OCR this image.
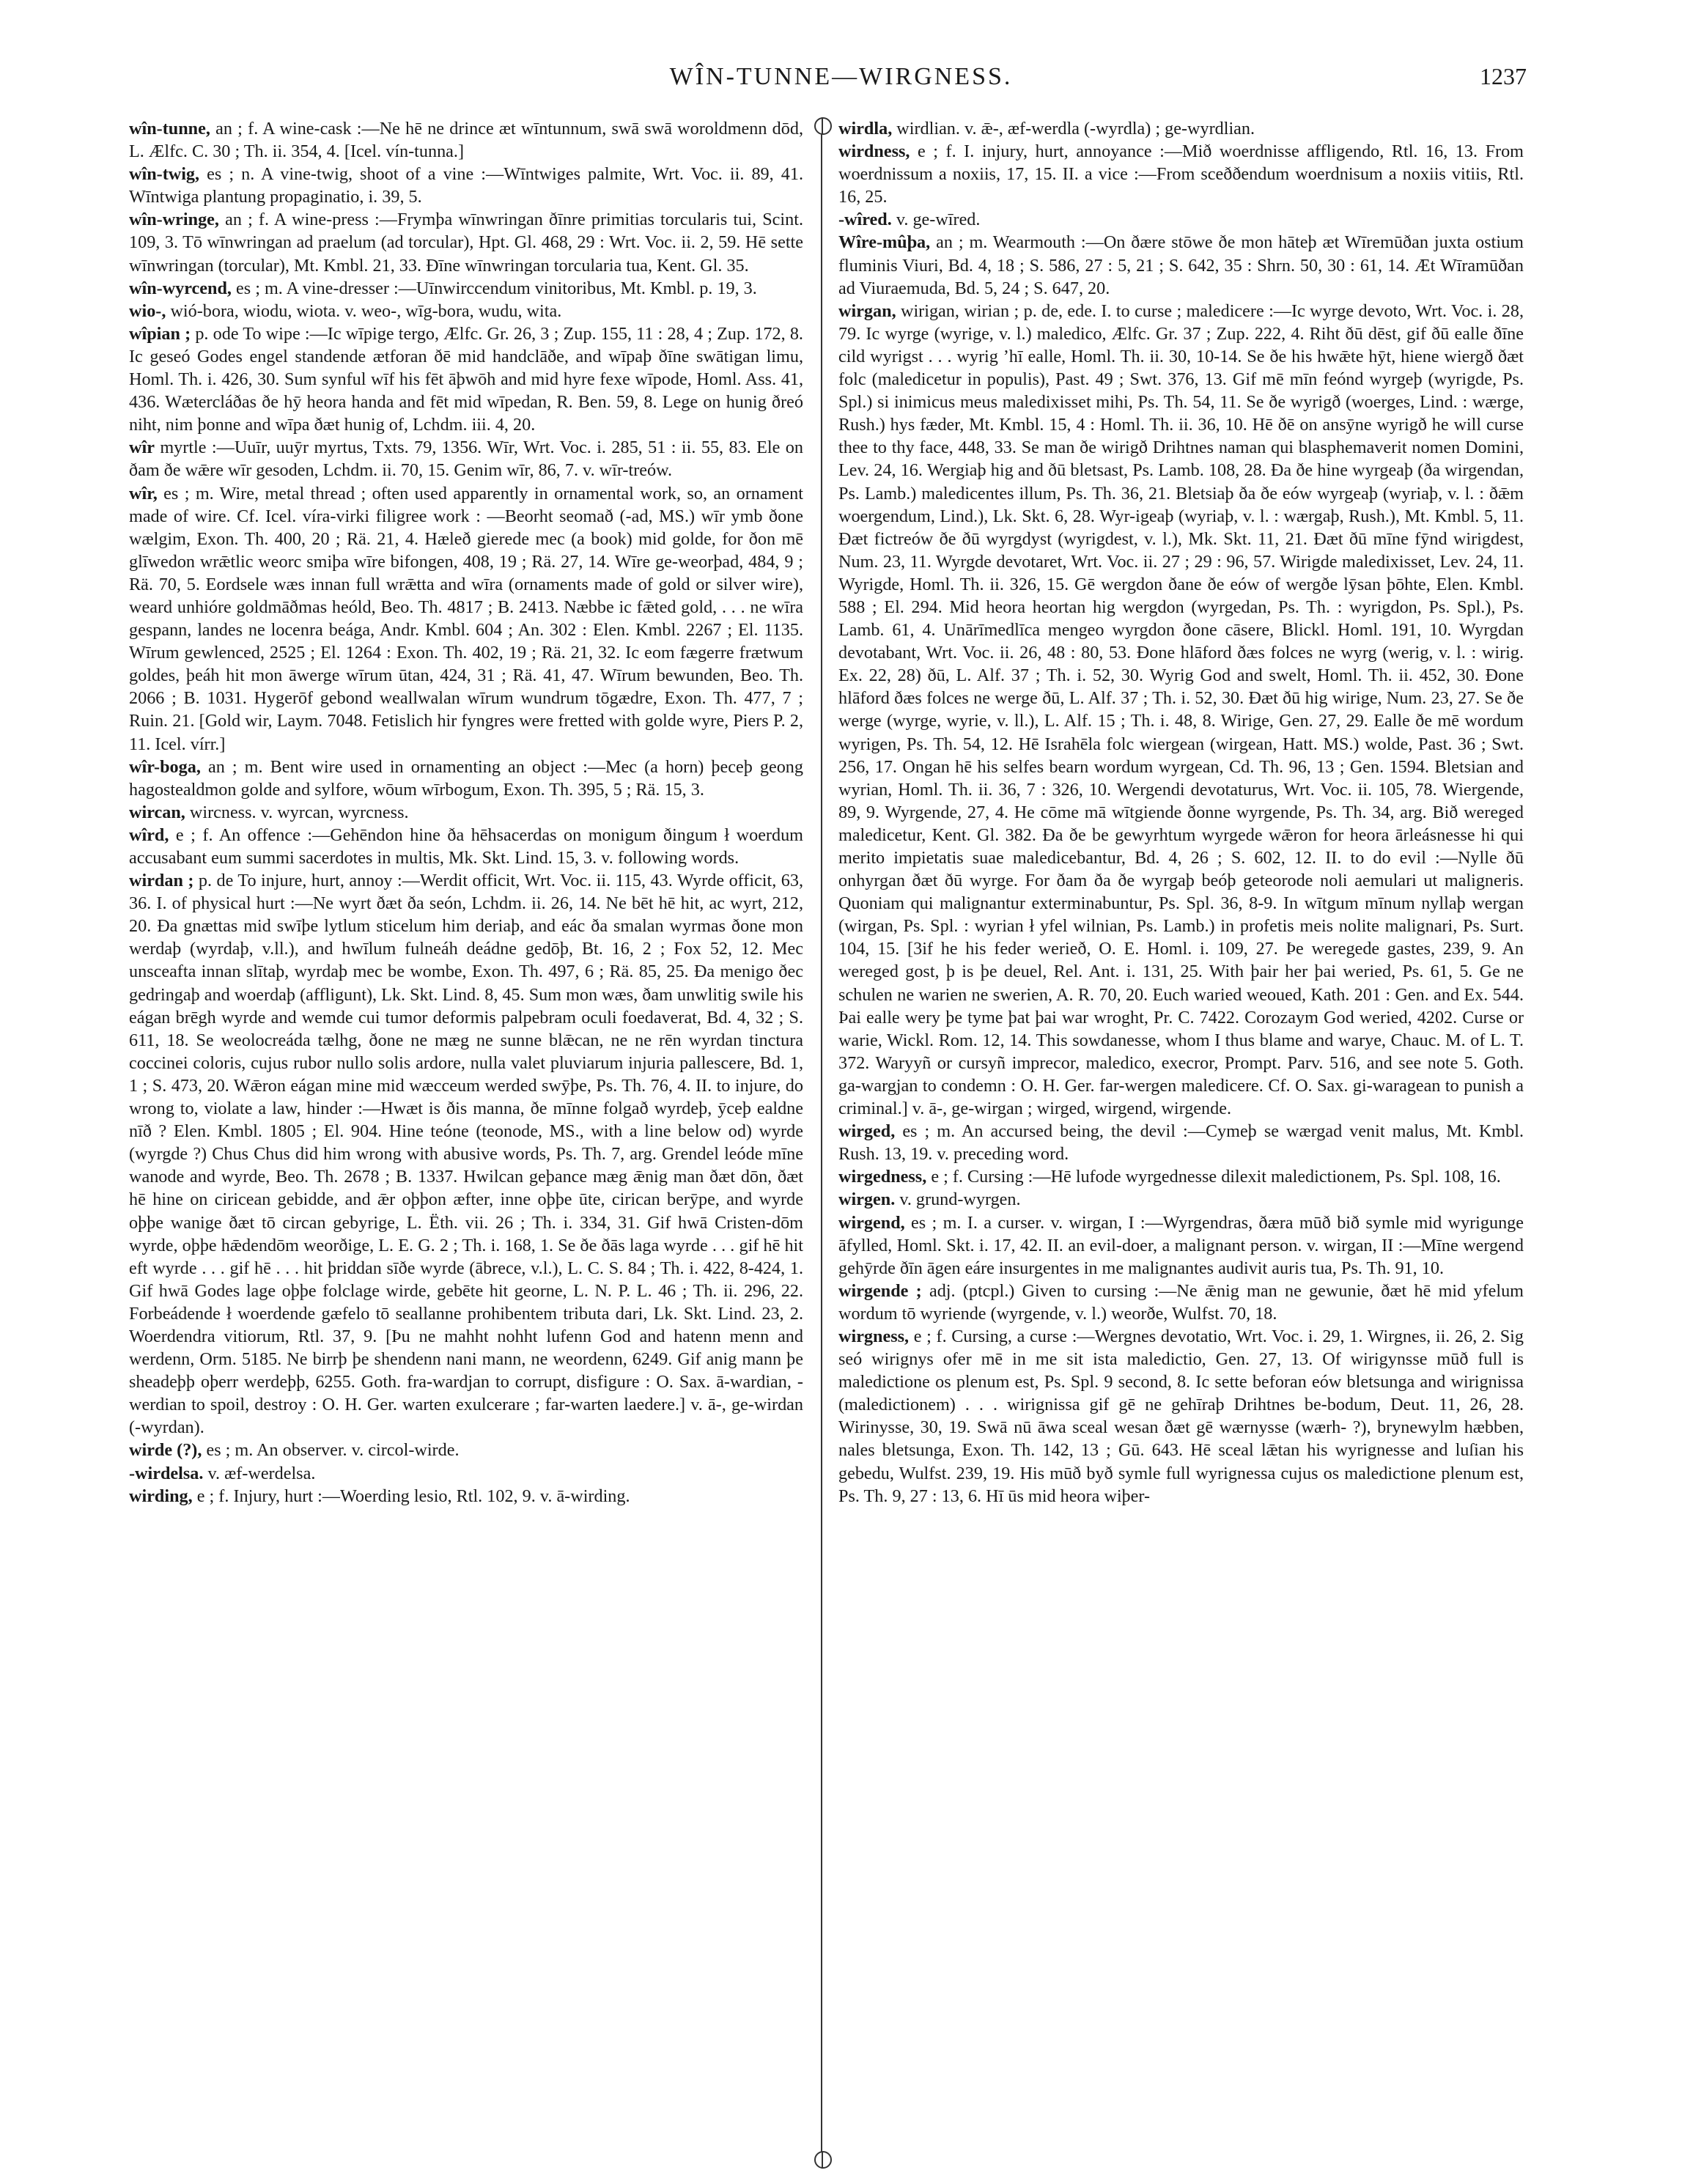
WÎN-TUNNE—WIRGNESS.	1237

wîn-tunne, an ; f. A wine-cask :—Ne hē ne drince æt wīntunnum, swā swā woroldmenn dōd, L. Ælfc. C. 30 ; Th. ii. 354, 4. [Icel. vín-tunna.]

wîn-twig, es ; n. A vine-twig, shoot of a vine :—Wīntwiges palmite, Wrt. Voc. ii. 89, 41. Wīntwiga plantung propaginatio, i. 39, 5.

wîn-wringe, an ; f. A wine-press :—Frymþa wīnwringan ðīnre primitias torcularis tui, Scint. 109, 3. Tō wīnwringan ad praelum (ad torcular), Hpt. Gl. 468, 29 : Wrt. Voc. ii. 2, 59. Hē sette wīnwringan (torcular), Mt. Kmbl. 21, 33. Ðīne wīnwringan torcularia tua, Kent. Gl. 35.

wîn-wyrcend, es ; m. A vine-dresser :—Uīnwirccendum vinitoribus, Mt. Kmbl. p. 19, 3.

wio-, wió-bora, wiodu, wiota. v. weo-, wīg-bora, wudu, wita.

wîpian ; p. ode To wipe :—Ic wīpige tergo, Ælfc. Gr. 26, 3 ; Zup. 155, 11 : 28, 4 ; Zup. 172, 8. Ic geseó Godes engel standende ætforan ðē mid handclāðe, and wīpaþ ðīne swātigan limu, Homl. Th. i. 426, 30. Sum synful wīf his fēt āþwōh and mid hyre fexe wīpode, Homl. Ass. 41, 436. Wætercláðas ðe hȳ heora handa and fēt mid wīpedan, R. Ben. 59, 8. Lege on hunig ðreó niht, nim þonne and wīpa ðæt hunig of, Lchdm. iii. 4, 20.

wîr myrtle :—Uuīr, uuȳr myrtus, Txts. 79, 1356. Wīr, Wrt. Voc. i. 285, 51 : ii. 55, 83. Ele on ðam ðe wǣre wīr gesoden, Lchdm. ii. 70, 15. Genim wīr, 86, 7. v. wīr-treów.

wîr, es ; m. Wire, metal thread ; often used apparently in ornamental work, so, an ornament made of wire. Cf. Icel. víra-virki filigree work : —Beorht seomað (-ad, MS.) wīr ymb ðone wælgim, Exon. Th. 400, 20 ; Rä. 21, 4. Hæleð gierede mec (a book) mid golde, for ðon mē glīwedon wrǣtlic weorc smiþa wīre bifongen, 408, 19 ; Rä. 27, 14. Wīre ge-weorþad, 484, 9 ; Rä. 70, 5. Eordsele wæs innan full wrǣtta and wīra (ornaments made of gold or silver wire), weard unhióre goldmāðmas heóld, Beo. Th. 4817 ; B. 2413. Næbbe ic fǣted gold, . . . ne wīra gespann, landes ne locenra beága, Andr. Kmbl. 604 ; An. 302 : Elen. Kmbl. 2267 ; El. 1135. Wīrum gewlenced, 2525 ; El. 1264 : Exon. Th. 402, 19 ; Rä. 21, 32. Ic eom fægerre frætwum goldes, þeáh hit mon āwerge wīrum ūtan, 424, 31 ; Rä. 41, 47. Wīrum bewunden, Beo. Th. 2066 ; B. 1031. Hygerōf gebond weallwalan wīrum wundrum tōgædre, Exon. Th. 477, 7 ; Ruin. 21. [Gold wir, Laym. 7048. Fetislich hir fyngres were fretted with golde wyre, Piers P. 2, 11. Icel. vírr.]

wîr-boga, an ; m. Bent wire used in ornamenting an object :—Mec (a horn) þeceþ geong hagostealdmon golde and sylfore, wōum wīrbogum, Exon. Th. 395, 5 ; Rä. 15, 3.

wircan, wircness. v. wyrcan, wyrcness.

wîrd, e ; f. An offence :—Gehēndon hine ða hēhsacerdas on monigum ðingum ł woerdum accusabant eum summi sacerdotes in multis, Mk. Skt. Lind. 15, 3. v. following words.

wirdan ; p. de To injure, hurt, annoy :—Werdit officit, Wrt. Voc. ii. 115, 43. Wyrde officit, 63, 36. I. of physical hurt :—Ne wyrt ðæt ða seón, Lchdm. ii. 26, 14. Ne bēt hē hit, ac wyrt, 212, 20. Ða gnættas mid swīþe lytlum sticelum him deriaþ, and eác ða smalan wyrmas ðone mon werdaþ (wyrdaþ, v.ll.), and hwīlum fulneáh deádne gedōþ, Bt. 16, 2 ; Fox 52, 12. Mec unsceafta innan slītaþ, wyrdaþ mec be wombe, Exon. Th. 497, 6 ; Rä. 85, 25. Ða menigo ðec gedringaþ and woerdaþ (affligunt), Lk. Skt. Lind. 8, 45. Sum mon wæs, ðam unwlitig swile his eágan brēgh wyrde and wemde cui tumor deformis palpebram oculi foedaverat, Bd. 4, 32 ; S. 611, 18. Se weolocreáda tælhg, ðone ne mæg ne sunne blǣcan, ne ne rēn wyrdan tinctura coccinei coloris, cujus rubor nullo solis ardore, nulla valet pluviarum injuria pallescere, Bd. 1, 1 ; S. 473, 20. Wǣron eágan mine mid wæcceum werded swȳþe, Ps. Th. 76, 4. II. to injure, do wrong to, violate a law, hinder :—Hwæt is ðis manna, ðe mīnne folgað wyrdeþ, ȳceþ ealdne nīð ? Elen. Kmbl. 1805 ; El. 904. Hine teóne (teonode, MS., with a line below od) wyrde (wyrgde ?) Chus Chus did him wrong with abusive words, Ps. Th. 7, arg. Grendel leóde mīne wanode and wyrde, Beo. Th. 2678 ; B. 1337. Hwilcan geþance mæg ǣnig man ðæt dōn, ðæt hē hine on ciricean gebidde, and ǣr oþþon æfter, inne oþþe ūte, cirican berȳpe, and wyrde oþþe wanige ðæt tō circan gebyrige, L. Ëth. vii. 26 ; Th. i. 334, 31. Gif hwā Cristen-dōm wyrde, oþþe hǣdendōm weorðige, L. E. G. 2 ; Th. i. 168, 1. Se ðe ðās laga wyrde . . . gif hē hit eft wyrde . . . gif hē . . . hit þriddan sīðe wyrde (ābrece, v.l.), L. C. S. 84 ; Th. i. 422, 8-424, 1. Gif hwā Godes lage oþþe folclage wirde, gebēte hit georne, L. N. P. L. 46 ; Th. ii. 296, 22. Forbeádende ł woerdende gæfelo tō seallanne prohibentem tributa dari, Lk. Skt. Lind. 23, 2. Woerdendra vitiorum, Rtl. 37, 9. [Þu ne mahht nohht lufenn God and hatenn menn and werdenn, Orm. 5185. Ne birrþ þe shendenn nani mann, ne weordenn, 6249. Gif anig mann þe sheadeþþ oþerr werdeþþ, 6255. Goth. fra-wardjan to corrupt, disfigure : O. Sax. ā-wardian, -werdian to spoil, destroy : O. H. Ger. warten exulcerare ; far-warten laedere.] v. ā-, ge-wirdan (-wyrdan).

wirde (?), es ; m. An observer. v. circol-wirde.

-wirdelsa. v. æf-werdelsa.

wirding, e ; f. Injury, hurt :—Woerding lesio, Rtl. 102, 9. v. ā-wirding.

wirdla, wirdlian. v. ǣ-, æf-werdla (-wyrdla) ; ge-wyrdlian.

wirdness, e ; f. I. injury, hurt, annoyance :—Mið woerdnisse affligendo, Rtl. 16, 13. From woerdnissum a noxiis, 17, 15. II. a vice :—From sceððendum woerdnisum a noxiis vitiis, Rtl. 16, 25.

-wîred. v. ge-wīred.

Wîre-mûþa, an ; m. Wearmouth :—On ðære stōwe ðe mon hāteþ æt Wīremūðan juxta ostium fluminis Viuri, Bd. 4, 18 ; S. 586, 27 : 5, 21 ; S. 642, 35 : Shrn. 50, 30 : 61, 14. Æt Wīramūðan ad Viuraemuda, Bd. 5, 24 ; S. 647, 20.

wirgan, wirigan, wirian ; p. de, ede. I. to curse ; maledicere :—Ic wyrge devoto, Wrt. Voc. i. 28, 79. Ic wyrge (wyrige, v. l.) maledico, Ælfc. Gr. 37 ; Zup. 222, 4. Riht ðū dēst, gif ðū ealle ðīne cild wyrigst . . . wyrig ʼhī ealle, Homl. Th. ii. 30, 10-14. Se ðe his hwǣte hȳt, hiene wiergð ðæt folc (maledicetur in populis), Past. 49 ; Swt. 376, 13. Gif mē mīn feónd wyrgeþ (wyrigde, Ps. Spl.) si inimicus meus maledixisset mihi, Ps. Th. 54, 11. Se ðe wyrigð (woerges, Lind. : wærge, Rush.) hys fæder, Mt. Kmbl. 15, 4 : Homl. Th. ii. 36, 10. Hē ðē on ansȳne wyrigð he will curse thee to thy face, 448, 33. Se man ðe wirigð Drihtnes naman qui blasphemaverit nomen Domini, Lev. 24, 16. Wergiaþ hig and ðū bletsast, Ps. Lamb. 108, 28. Ða ðe hine wyrgeaþ (ða wirgendan, Ps. Lamb.) maledicentes illum, Ps. Th. 36, 21. Bletsiaþ ða ðe eów wyrgeaþ (wyriaþ, v. l. : ðǣm woergendum, Lind.), Lk. Skt. 6, 28. Wyr-igeaþ (wyriaþ, v. l. : wærgaþ, Rush.), Mt. Kmbl. 5, 11. Ðæt fictreów ðe ðū wyrgdyst (wyrigdest, v. l.), Mk. Skt. 11, 21. Ðæt ðū mīne fȳnd wirigdest, Num. 23, 11. Wyrgde devotaret, Wrt. Voc. ii. 27 ; 29 : 96, 57. Wirigde maledixisset, Lev. 24, 11. Wyrigde, Homl. Th. ii. 326, 15. Gē wergdon ðane ðe eów of wergðe lȳsan þōhte, Elen. Kmbl. 588 ; El. 294. Mid heora heortan hig wergdon (wyrgedan, Ps. Th. : wyrigdon, Ps. Spl.), Ps. Lamb. 61, 4. Unārīmedlīca mengeo wyrgdon ðone cāsere, Blickl. Homl. 191, 10. Wyrgdan devotabant, Wrt. Voc. ii. 26, 48 : 80, 53. Ðone hlāford ðæs folces ne wyrg (werig, v. l. : wirig. Ex. 22, 28) ðū, L. Alf. 37 ; Th. i. 52, 30. Wyrig God and swelt, Homl. Th. ii. 452, 30. Ðone hlāford ðæs folces ne werge ðū, L. Alf. 37 ; Th. i. 52, 30. Ðæt ðū hig wirige, Num. 23, 27. Se ðe werge (wyrge, wyrie, v. ll.), L. Alf. 15 ; Th. i. 48, 8. Wirige, Gen. 27, 29. Ealle ðe mē wordum wyrigen, Ps. Th. 54, 12. Hē Israhēla folc wiergean (wirgean, Hatt. MS.) wolde, Past. 36 ; Swt. 256, 17. Ongan hē his selfes bearn wordum wyrgean, Cd. Th. 96, 13 ; Gen. 1594. Bletsian and wyrian, Homl. Th. ii. 36, 7 : 326, 10. Wergendi devotaturus, Wrt. Voc. ii. 105, 78. Wiergende, 89, 9. Wyrgende, 27, 4. He cōme mā wītgiende ðonne wyrgende, Ps. Th. 34, arg. Bið wereged maledicetur, Kent. Gl. 382. Ða ðe be gewyrhtum wyrgede wǣron for heora ārleásnesse hi qui merito impietatis suae maledicebantur, Bd. 4, 26 ; S. 602, 12. II. to do evil :—Nylle ðū onhyrgan ðæt ðū wyrge. For ðam ða ðe wyrgaþ beóþ geteorode noli aemulari ut maligneris. Quoniam qui malignantur exterminabuntur, Ps. Spl. 36, 8-9. In wītgum mīnum nyllaþ wergan (wirgan, Ps. Spl. : wyrian ł yfel wilnian, Ps. Lamb.) in profetis meis nolite malignari, Ps. Surt. 104, 15. [3if he his feder werieð, O. E. Homl. i. 109, 27. Þe weregede gastes, 239, 9. An wereged gost, þ is þe deuel, Rel. Ant. i. 131, 25. With þair her þai weried, Ps. 61, 5. Ge ne schulen ne warien ne swerien, A. R. 70, 20. Euch waried weoued, Kath. 201 : Gen. and Ex. 544. Þai ealle wery þe tyme þat þai war wroght, Pr. C. 7422. Corozaym God weried, 4202. Curse or warie, Wickl. Rom. 12, 14. This sowdanesse, whom I thus blame and warye, Chauc. M. of L. T. 372. Waryyñ or cursyñ imprecor, maledico, execror, Prompt. Parv. 516, and see note 5. Goth. ga-wargjan to condemn : O. H. Ger. far-wergen maledicere. Cf. O. Sax. gi-waragean to punish a criminal.] v. ā-, ge-wirgan ; wirged, wirgend, wirgende.

wirged, es ; m. An accursed being, the devil :—Cymeþ se wærgad venit malus, Mt. Kmbl. Rush. 13, 19. v. preceding word.

wirgedness, e ; f. Cursing :—Hē lufode wyrgednesse dilexit maledictionem, Ps. Spl. 108, 16.

wirgen. v. grund-wyrgen.

wirgend, es ; m. I. a curser. v. wirgan, I :—Wyrgendras, ðæra mūð bið symle mid wyrigunge āfylled, Homl. Skt. i. 17, 42. II. an evil-doer, a malignant person. v. wirgan, II :—Mīne wergend gehȳrde ðīn āgen eáre insurgentes in me malignantes audivit auris tua, Ps. Th. 91, 10.

wirgende ; adj. (ptcpl.) Given to cursing :—Ne ǣnig man ne gewunie, ðæt hē mid yfelum wordum tō wyriende (wyrgende, v. l.) weorðe, Wulfst. 70, 18.

wirgness, e ; f. Cursing, a curse :—Wergnes devotatio, Wrt. Voc. i. 29, 1. Wirgnes, ii. 26, 2. Sig seó wirignys ofer mē in me sit ista maledictio, Gen. 27, 13. Of wirigynsse mūð full is maledictione os plenum est, Ps. Spl. 9 second, 8. Ic sette beforan eów bletsunga and wirignissa (maledictionem) . . . wirignissa gif gē ne gehīraþ Drihtnes be-bodum, Deut. 11, 26, 28. Wirinysse, 30, 19. Swā nū āwa sceal wesan ðæt gē wærnysse (wærh- ?), brynewylm hæbben, nales bletsunga, Exon. Th. 142, 13 ; Gū. 643. Hē sceal lǣtan his wyrignesse and luſian his gebedu, Wulfst. 239, 19. His mūð byð symle full wyrignessa cujus os maledictione plenum est, Ps. Th. 9, 27 : 13, 6. Hī ūs mid heora wiþer-
